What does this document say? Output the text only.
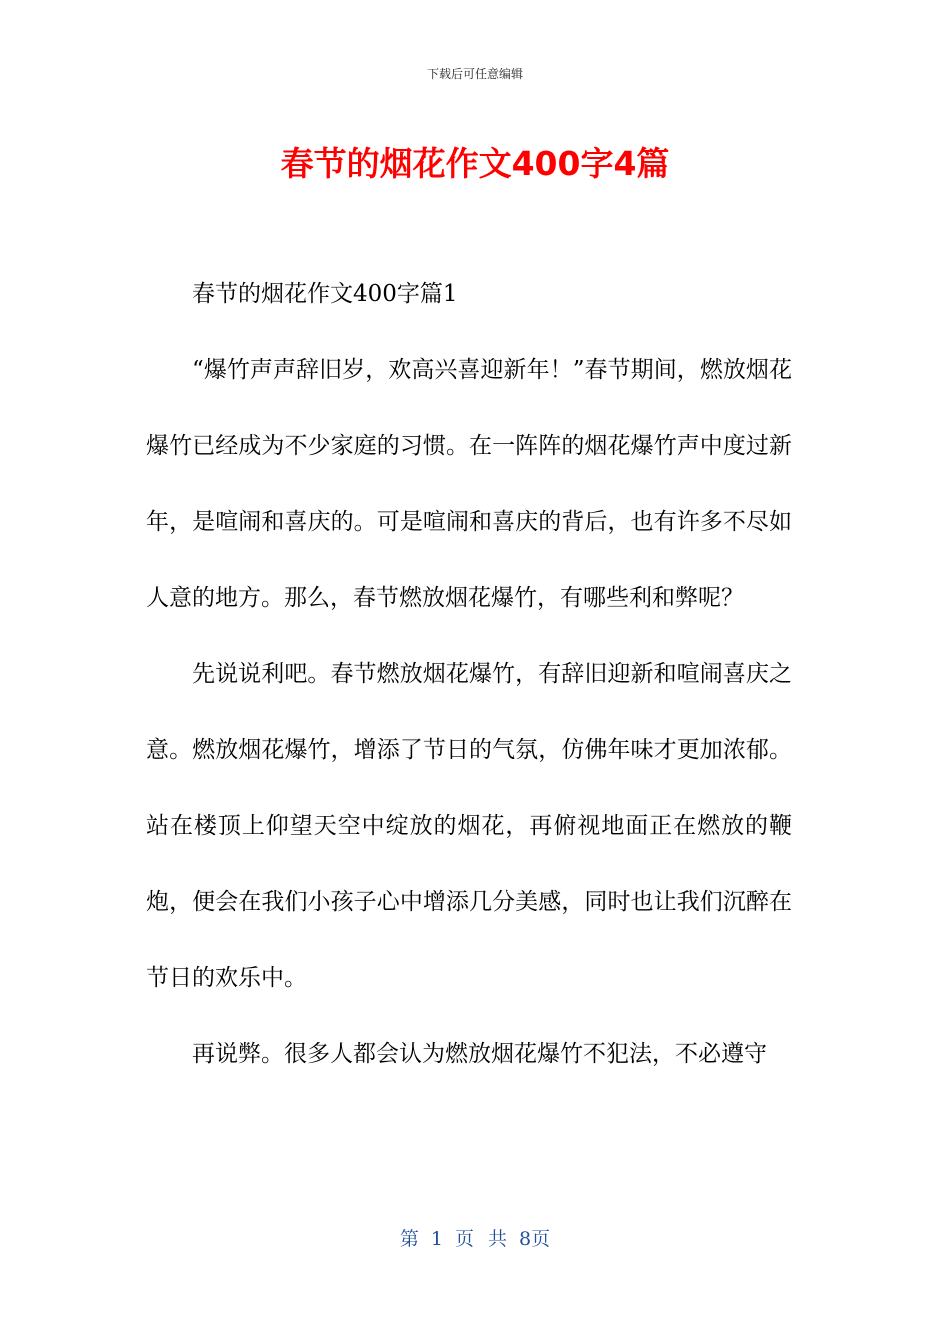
下载后可任意编辑
春节的烟花作文400字4篇

春节的烟花作文400字篇1

“爆竹声声辞旧岁，欢高兴喜迎新年！”春节期间，燃放烟花爆竹已经成为不少家庭的习惯。在一阵阵的烟花爆竹声中度过新年，是喧闹和喜庆的。可是喧闹和喜庆的背后，也有许多不尽如人意的地方。那么，春节燃放烟花爆竹，有哪些利和弊呢？

先说说利吧。春节燃放烟花爆竹，有辞旧迎新和喧闹喜庆之意。燃放烟花爆竹，增添了节日的气氛，仿佛年味才更加浓郁。站在楼顶上仰望天空中绽放的烟花，再俯视地面正在燃放的鞭炮，便会在我们小孩子心中增添几分美感，同时也让我们沉醉在节日的欢乐中。

再说弊。很多人都会认为燃放烟花爆竹不犯法，不必遵守

第 1 页 共 8页
